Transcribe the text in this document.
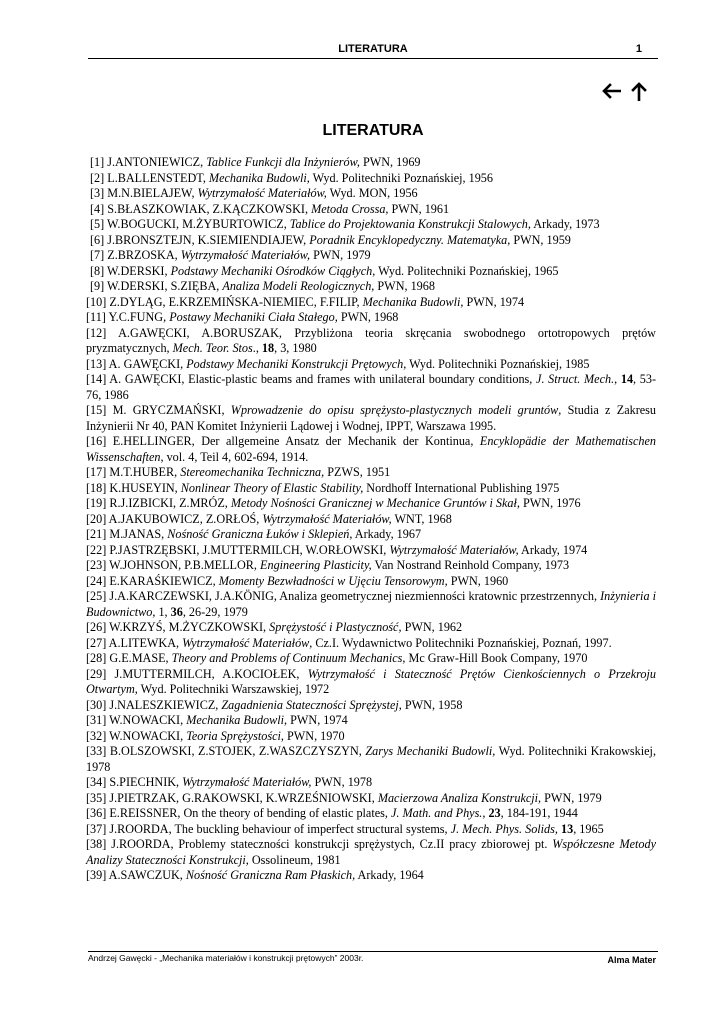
LITERATURA	1
LITERATURA

[1] J.ANTONIEWICZ, Tablice Funkcji dla Inżynierów, PWN, 1969

[2] L.BALLENSTEDT, Mechanika Budowli, Wyd. Politechniki Poznańskiej, 1956

[3] M.N.BIELAJEW, Wytrzymałość Materiałów, Wyd. MON, 1956

[4] S.BŁASZKOWIAK, Z.KĄCZKOWSKI, Metoda Crossa, PWN, 1961

[5] W.BOGUCKI, M.ŻYBURTOWICZ, Tablice do Projektowania Konstrukcji Stalowych, Arkady, 1973

[6] J.BRONSZTEJN, K.SIEMIENDIAJEW, Poradnik Encyklopedyczny. Matematyka, PWN, 1959

[7] Z.BRZOSKA, Wytrzymałość Materiałów, PWN, 1979

[8] W.DERSKI, Podstawy Mechaniki Ośrodków Ciągłych, Wyd. Politechniki Poznańskiej, 1965

[9] W.DERSKI, S.ZIĘBA, Analiza Modeli Reologicznych, PWN, 1968

[10] Z.DYLĄG, E.KRZEMIŃSKA-NIEMIEC, F.FILIP, Mechanika Budowli, PWN, 1974

[11] Y.C.FUNG, Postawy Mechaniki Ciała Stałego, PWN, 1968

[12] A.GAWĘCKI, A.BORUSZAK, Przybliżona teoria skręcania swobodnego ortotropowych prętów pryzmatycznych, Mech. Teor. Stos., 18, 3, 1980

[13] A. GAWĘCKI, Podstawy Mechaniki Konstrukcji Prętowych, Wyd. Politechniki Poznańskiej, 1985

[14] A. GAWĘCKI, Elastic-plastic beams and frames with unilateral boundary conditions, J. Struct. Mech., 14, 53-76, 1986

[15] M. GRYCZMAŃSKI, Wprowadzenie do opisu sprężysto-plastycznych modeli gruntów, Studia z Zakresu Inżynierii Nr 40, PAN Komitet Inżynierii Lądowej i Wodnej, IPPT, Warszawa 1995.

[16] E.HELLINGER, Der allgemeine Ansatz der Mechanik der Kontinua, Encyklopädie der Mathematischen Wissenschaften, vol. 4, Teil 4, 602-694, 1914.

[17] M.T.HUBER, Stereomechanika Techniczna, PZWS, 1951

[18] K.HUSEYIN, Nonlinear Theory of Elastic Stability, Nordhoff International Publishing 1975

[19] R.J.IZBICKI, Z.MRÓZ, Metody Nośności Granicznej w Mechanice Gruntów i Skał, PWN, 1976

[20] A.JAKUBOWICZ, Z.ORŁOŚ, Wytrzymałość Materiałów, WNT, 1968

[21] M.JANAS, Nośność Graniczna Łuków i Sklepień, Arkady, 1967

[22] P.JASTRZĘBSKI, J.MUTTERMILCH, W.ORŁOWSKI, Wytrzymałość Materiałów, Arkady, 1974

[23] W.JOHNSON, P.B.MELLOR, Engineering Plasticity, Van Nostrand Reinhold Company, 1973

[24] E.KARAŚKIEWICZ, Momenty Bezwładności w Ujęciu Tensorowym, PWN, 1960

[25] J.A.KARCZEWSKI, J.A.KÖNIG, Analiza geometrycznej niezmienności kratownic przestrzennych, Inżynieria i Budownictwo, 1, 36, 26-29, 1979

[26] W.KRZYŚ, M.ŻYCZKOWSKI, Sprężystość i Plastyczność, PWN, 1962

[27] A.LITEWKA, Wytrzymałość Materiałów, Cz.I. Wydawnictwo Politechniki Poznańskiej, Poznań, 1997.

[28] G.E.MASE, Theory and Problems of Continuum Mechanics, Mc Graw-Hill Book Company, 1970

[29] J.MUTTERMILCH, A.KOCIOŁEK, Wytrzymałość i Stateczność Prętów Cienkościennych o Przekroju Otwartym, Wyd. Politechniki Warszawskiej, 1972

[30] J.NALESZKIEWICZ, Zagadnienia Stateczności Sprężystej, PWN, 1958

[31] W.NOWACKI, Mechanika Budowli, PWN, 1974

[32] W.NOWACKI, Teoria Sprężystości, PWN, 1970

[33] B.OLSZOWSKI, Z.STOJEK, Z.WASZCZYSZYN, Zarys Mechaniki Budowli, Wyd. Politechniki Krakowskiej, 1978

[34] S.PIECHNIK, Wytrzymałość Materiałów, PWN, 1978

[35] J.PIETRZAK, G.RAKOWSKI, K.WRZEŚNIOWSKI, Macierzowa Analiza Konstrukcji, PWN, 1979

[36] E.REISSNER, On the theory of bending of elastic plates, J. Math. and Phys., 23, 184-191, 1944

[37] J.ROORDA, The buckling behaviour of imperfect structural systems, J. Mech. Phys. Solids, 13, 1965

[38] J.ROORDA, Problemy stateczności konstrukcji sprężystych, Cz.II pracy zbiorowej pt. Współczesne Metody Analizy Stateczności Konstrukcji, Ossolineum, 1981

[39] A.SAWCZUK, Nośność Graniczna Ram Płaskich, Arkady, 1964

Andrzej Gawęcki - „Mechanika materiałów i konstrukcji prętowych” 2003r.	Alma Mater
